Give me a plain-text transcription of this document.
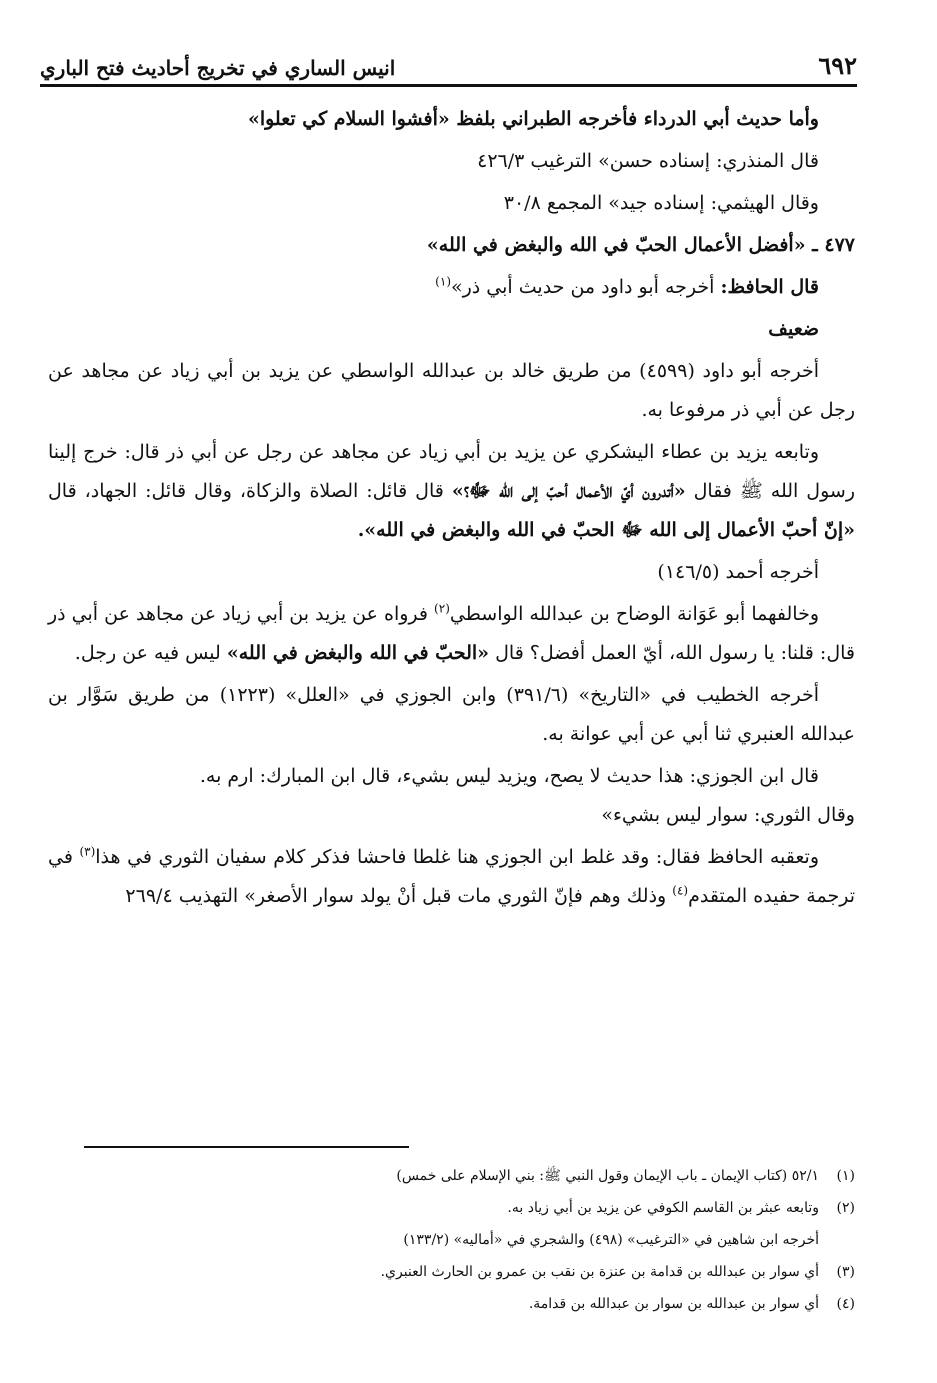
٦٩٢
انيس الساري في تخريج أحاديث فتح الباري

وأما حديث أبي الدرداء فأخرجه الطبراني بلفظ «أفشوا السلام كي تعلوا»

قال المنذري: إسناده حسن» الترغيب ٤٢٦/٣

وقال الهيثمي: إسناده جيد» المجمع ٣٠/٨

٤٧٧ ـ «أفضل الأعمال الحبّ في الله والبغض في الله»

قال الحافظ: أخرجه أبو داود من حديث أبي ذر»$^{(١)}$

ضعيف

أخرجه أبو داود (٤٥٩٩) من طريق خالد بن عبدالله الواسطي عن يزيد بن أبي زياد عن مجاهد عن رجل عن أبي ذر مرفوعا به.

وتابعه يزيد بن عطاء اليشكري عن يزيد بن أبي زياد عن مجاهد عن رجل عن أبي ذر قال: خرج إلينا رسول الله ﷺ فقال «أتدرون أيّ الأعمال أحبّ إلى الله ﷻ؟» قال قائل: الصلاة والزكاة، وقال قائل: الجهاد، قال «إنّ أحبّ الأعمال إلى الله ﷻ الحبّ في الله والبغض في الله».

أخرجه أحمد (١٤٦/٥)

وخالفهما أبو عَوَانة الوضاح بن عبدالله الواسطي$^{(٢)}$ فرواه عن يزيد بن أبي زياد عن مجاهد عن أبي ذر قال: قلنا: يا رسول الله، أيّ العمل أفضل؟ قال «الحبّ في الله والبغض في الله» ليس فيه عن رجل.

أخرجه الخطيب في «التاريخ» (٣٩١/٦) وابن الجوزي في «العلل» (١٢٢٣) من طريق سَوَّار بن عبدالله العنبري ثنا أبي عن أبي عوانة به.

قال ابن الجوزي: هذا حديث لا يصح، ويزيد ليس بشيء، قال ابن المبارك: ارم به.
وقال الثوري: سوار ليس بشيء»

وتعقبه الحافظ فقال: وقد غلط ابن الجوزي هنا غلطا فاحشا فذكر كلام سفيان الثوري في هذا$^{(٣)}$ في ترجمة حفيده المتقدم$^{(٤)}$ وذلك وهم فإنّ الثوري مات قبل أنْ يولد سوار الأصغر» التهذيب ٢٦٩/٤

(١)
٥٢/١ (كتاب الإيمان ـ باب الإيمان وقول النبي ﷺ: بني الإسلام على خمس)
(٢)
وتابعه عبثر بن القاسم الكوفي عن يزيد بن أبي زياد به.
أخرجه ابن شاهين في «الترغيب» (٤٩٨) والشجري في «أماليه» (١٣٣/٢)
(٣)
أي سوار بن عبدالله بن قدامة بن عنزة بن نقب بن عمرو بن الحارث العنبري.
(٤)
أي سوار بن عبدالله بن سوار بن عبدالله بن قدامة.
